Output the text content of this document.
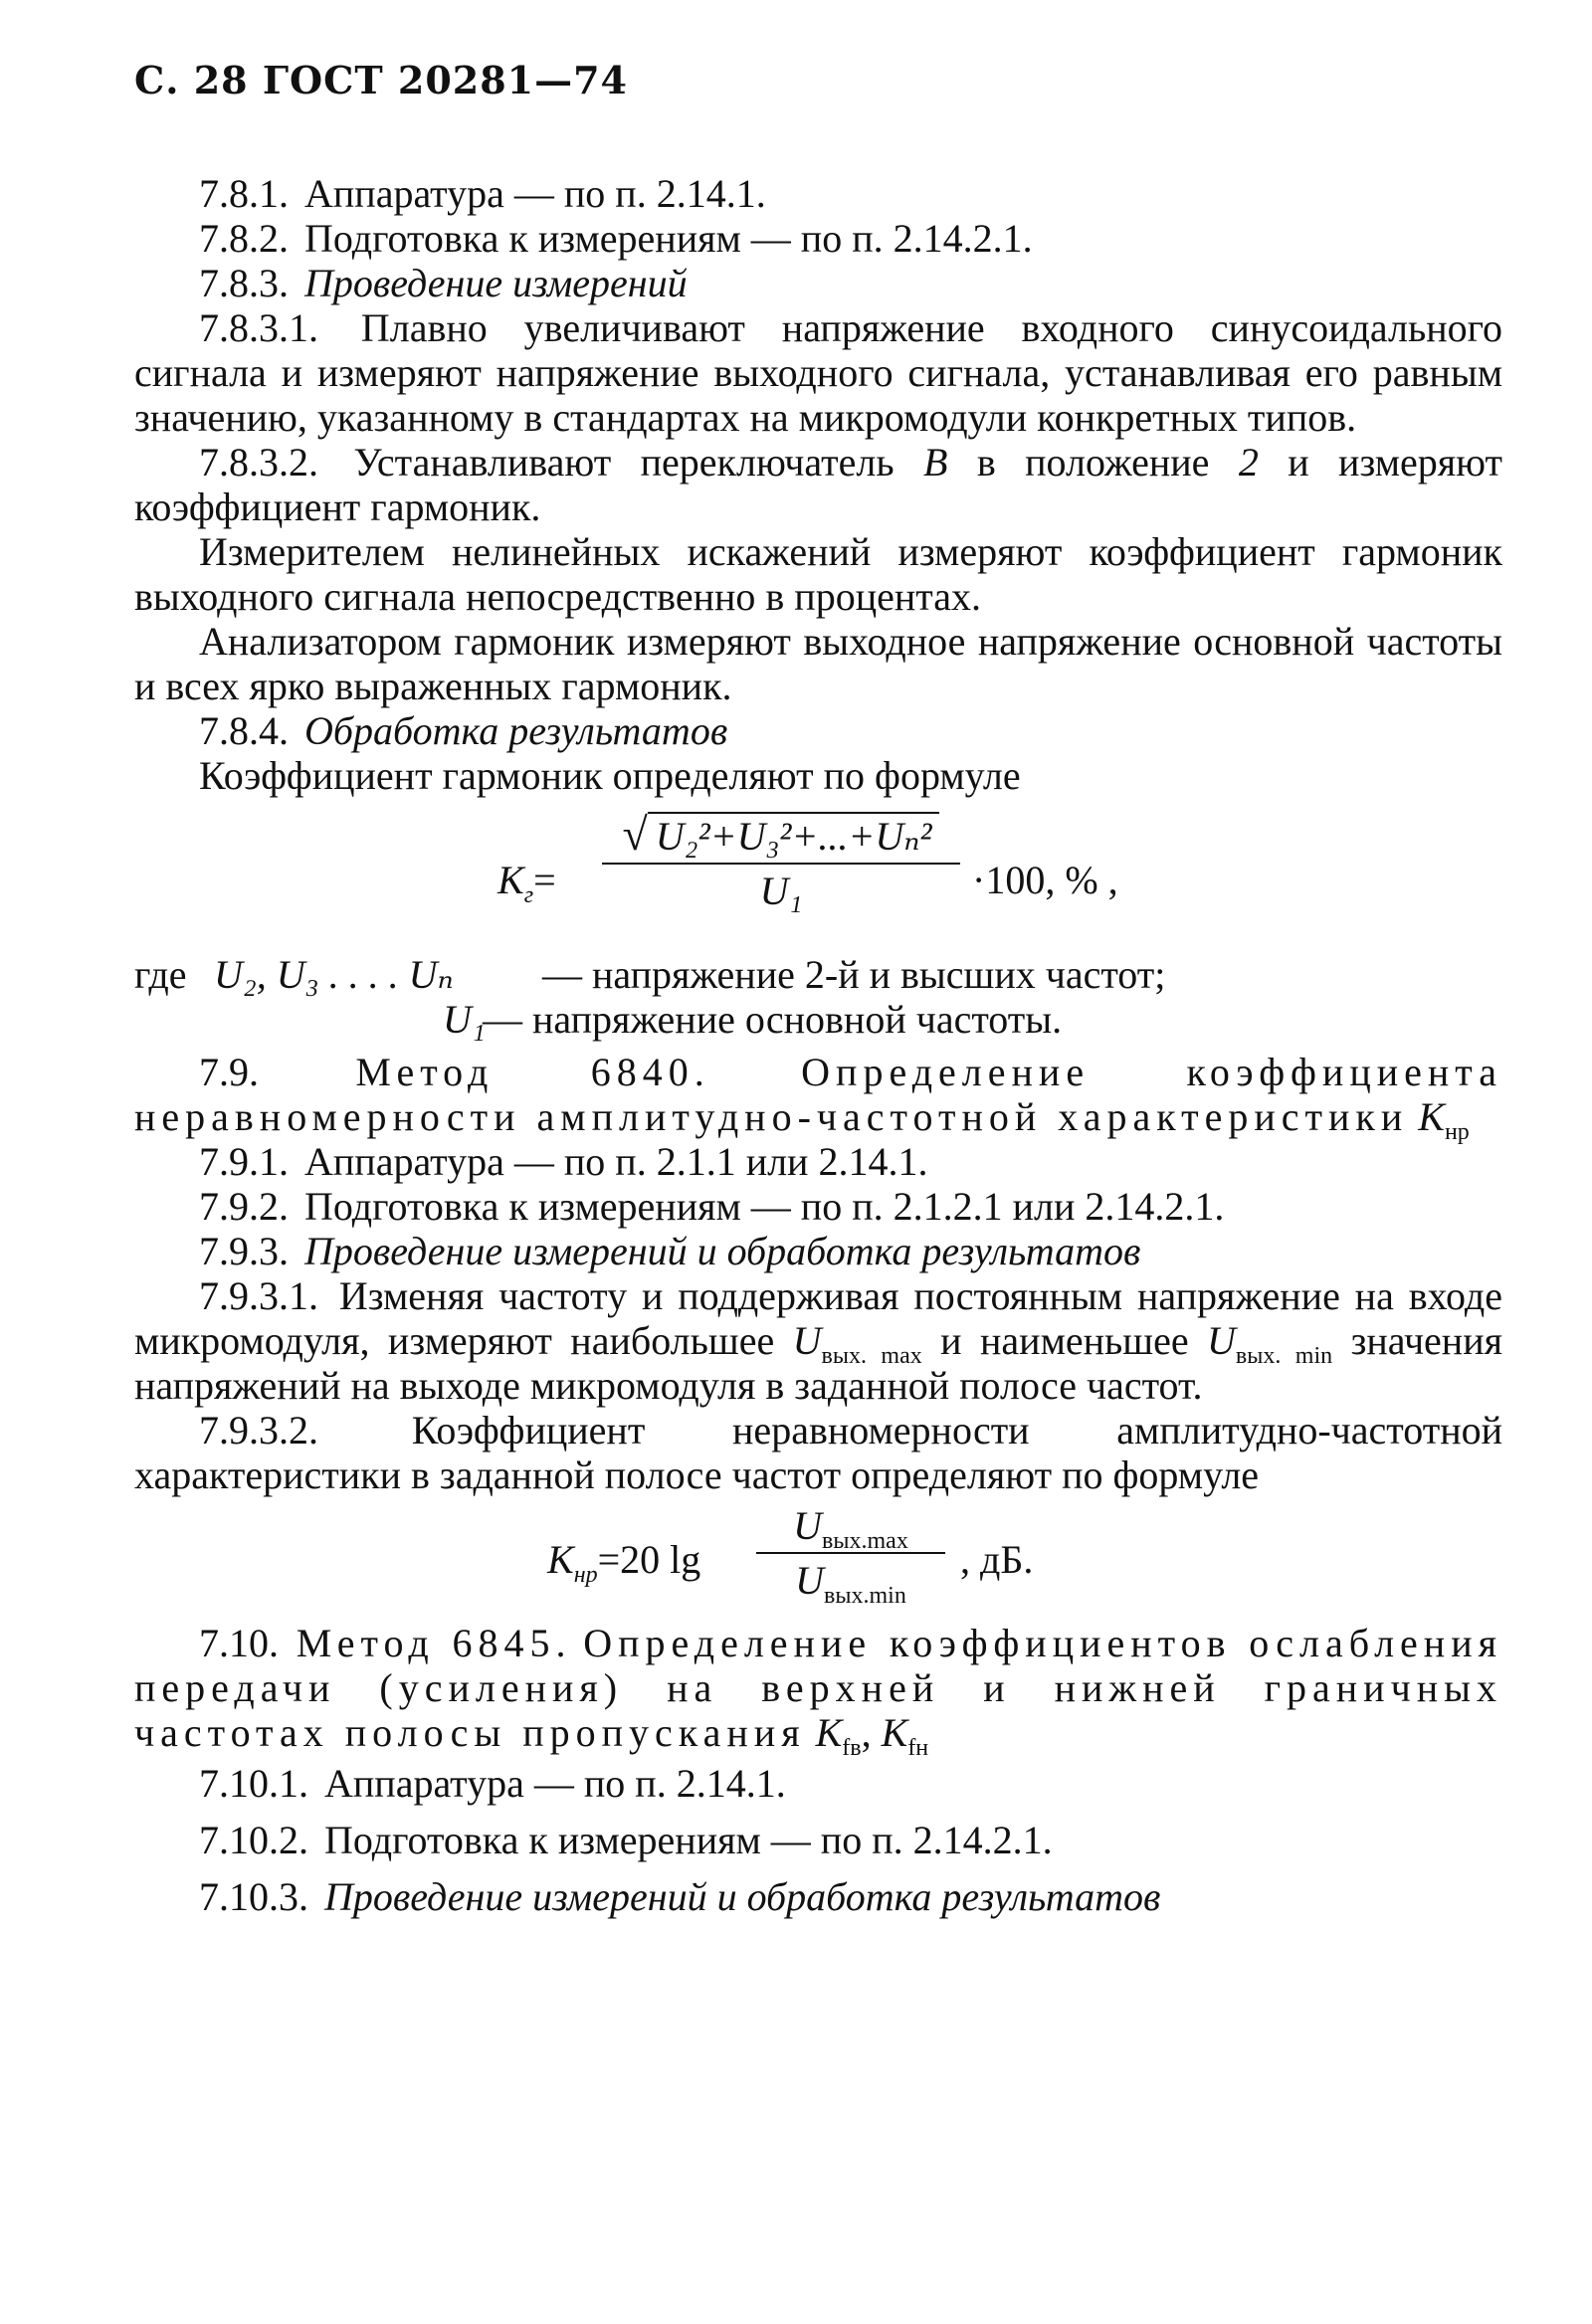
С. 28 ГОСТ 20281—74

7.8.1. Аппаратура — по п. 2.14.1.

7.8.2. Подготовка к измерениям — по п. 2.14.2.1.

7.8.3. Проведение измерений

7.8.3.1. Плавно увеличивают напряжение входного синусоидального сигнала и измеряют напряжение выходного сигнала, устанавливая его равным значению, указанному в стандартах на микромодули конкретных типов.

7.8.3.2. Устанавливают переключатель B в положение 2 и измеряют коэффициент гармоник.

Измерителем нелинейных искажений измеряют коэффициент гармоник выходного сигнала непосредственно в процентах.

Анализатором гармоник измеряют выходное напряжение основной частоты и всех ярко выраженных гармоник.

7.8.4. Обработка результатов

Коэффициент гармоник определяют по формуле

$K_г=$
√ U₂²+U₃²+...+Uₙ²
U₁	·100, % ,
где U₂, U₃ . . . . Uₙ — напряжение 2-й и высших частот;
U₁
— напряжение основной частоты.

7.9. Метод 6840. Определение коэффициента неравномерности амплитудно-частотной характеристики $K_{нр}$

7.9.1. Аппаратура — по п. 2.1.1 или 2.14.1.

7.9.2. Подготовка к измерениям — по п. 2.1.2.1 или 2.14.2.1.

7.9.3. Проведение измерений и обработка результатов

7.9.3.1. Изменяя частоту и поддерживая постоянным напряжение на входе микромодуля, измеряют наибольшее $U_{вых. max}$ и наименьшее $U_{вых. min}$ значения напряжений на выходе микромодуля в заданной полосе частот.

7.9.3.2. Коэффициент неравномерности амплитудно-частотной характеристики в заданной полосе частот определяют по формуле

$K_{нр}=20$ lg
$U_{вых.max}$
$U_{вых.min}$
, дБ.

7.10. Метод 6845. Определение коэффициентов ослабления передачи (усиления) на верхней и нижней граничных частотах полосы пропускания $K_{fв}$, $K_{fн}$

7.10.1. Аппаратура — по п. 2.14.1.

7.10.2. Подготовка к измерениям — по п. 2.14.2.1.

7.10.3. Проведение измерений и обработка результатов
